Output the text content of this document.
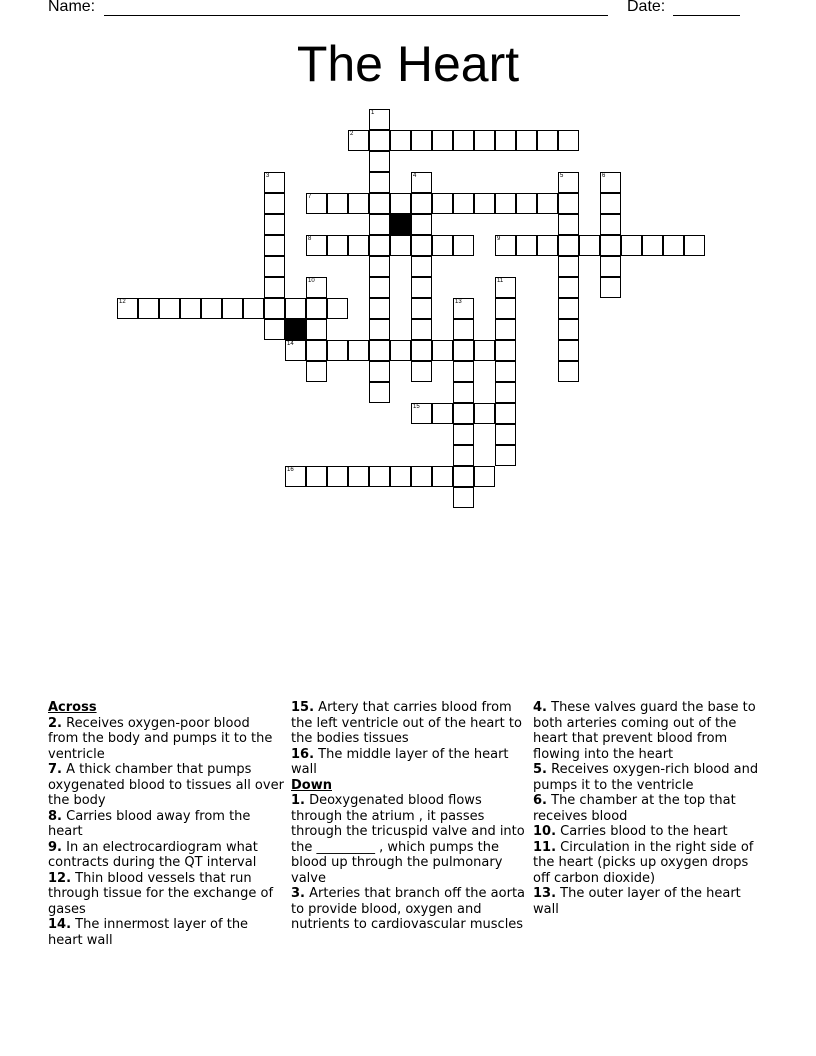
Name:	Date:
The Heart
2
1
3	4	5	6
7
8	9
10	11
12	13
14
15
16
Across
2. Receives oxygen-poor blood from the body and pumps it to the ventricle
7. A thick chamber that pumps oxygenated blood to tissues all over the body
8. Carries blood away from the heart
9. In an electrocardiogram what contracts during the QT interval
12. Thin blood vessels that run through tissue for the exchange of gases
14. The innermost layer of the heart wall
15. Artery that carries blood from the left ventricle out of the heart to the bodies tissues
16. The middle layer of the heart wall
Down
1. Deoxygenated blood flows through the atrium , it passes through the tricuspid valve and into the _________ , which pumps the blood up through the pulmonary valve
3. Arteries that branch off the aorta to provide blood, oxygen and nutrients to cardiovascular muscles
4. These valves guard the base to both arteries coming out of the heart that prevent blood from flowing into the heart
5. Receives oxygen-rich blood and pumps it to the ventricle
6. The chamber at the top that receives blood
10. Carries blood to the heart
11. Circulation in the right side of the heart (picks up oxygen drops off carbon dioxide)
13. The outer layer of the heart wall
